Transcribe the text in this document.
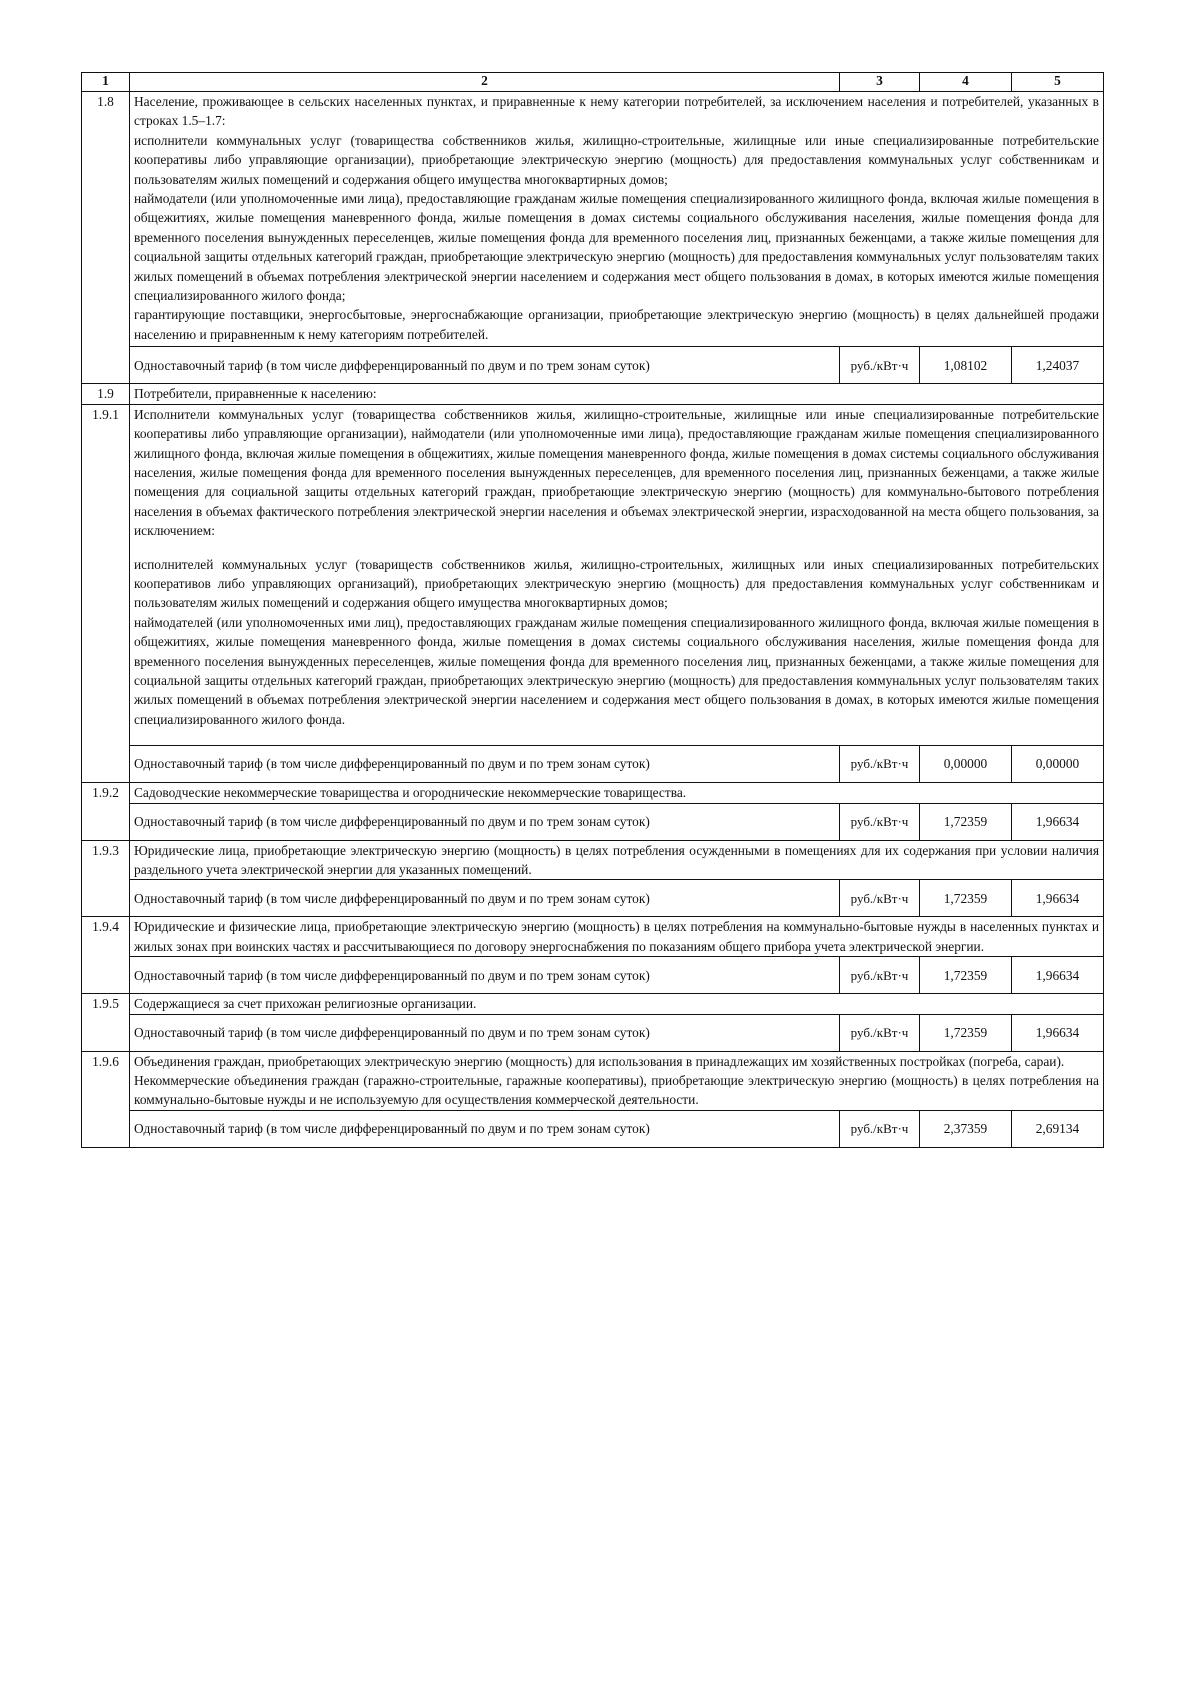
1	2	3	4	5
1.8	Население, проживающее в сельских населенных пунктах, и приравненные к нему категории потребителей, за исключением населения и потребителей, указанных в строках 1.5–1.7:

исполнители коммунальных услуг (товарищества собственников жилья, жилищно-строительные, жилищные или иные специализированные потребительские кооперативы либо управляющие организации), приобретающие электрическую энергию (мощность) для предоставления коммунальных услуг собственникам и пользователям жилых помещений и содержания общего имущества многоквартирных домов;

наймодатели (или уполномоченные ими лица), предоставляющие гражданам жилые помещения специализированного жилищного фонда, включая жилые помещения в общежитиях, жилые помещения маневренного фонда, жилые помещения в домах системы социального обслуживания населения, жилые помещения фонда для временного поселения вынужденных переселенцев, жилые помещения фонда для временного поселения лиц, признанных беженцами, а также жилые помещения для социальной защиты отдельных категорий граждан, приобретающие электрическую энергию (мощность) для предоставления коммунальных услуг пользователям таких жилых помещений в объемах потребления электрической энергии населением и содержания мест общего пользования в домах, в которых имеются жилые помещения специализированного жилого фонда;

гарантирующие поставщики, энергосбытовые, энергоснабжающие организации, приобретающие электрическую энергию (мощность) в целях дальнейшей продажи населению и приравненным к нему категориям потребителей.			

	Одноставочный тариф (в том числе дифференцированный по двум и по трем зонам суток)	руб./кВт·ч	1,08102	1,24037
1.9	Потребители, приравненные к населению:			

1.9.1	Исполнители коммунальных услуг (товарищества собственников жилья, жилищно-строительные, жилищные или иные специализированные потребительские кооперативы либо управляющие организации), наймодатели (или уполномоченные ими лица), предоставляющие гражданам жилые помещения специализированного жилищного фонда, включая жилые помещения в общежитиях, жилые помещения маневренного фонда, жилые помещения в домах системы социального обслуживания населения, жилые помещения фонда для временного поселения вынужденных переселенцев, для временного поселения лиц, признанных беженцами, а также жилые помещения для социальной защиты отдельных категорий граждан, приобретающие электрическую энергию (мощность) для коммунально-бытового потребления населения в объемах фактического потребления электрической энергии населения и объемах электрической энергии, израсходованной на места общего пользования, за исключением:

исполнителей коммунальных услуг (товариществ собственников жилья, жилищно-строительных, жилищных или иных специализированных потребительских кооперативов либо управляющих организаций), приобретающих электрическую энергию (мощность) для предоставления коммунальных услуг собственникам и пользователям жилых помещений и содержания общего имущества многоквартирных домов;

наймодателей (или уполномоченных ими лиц), предоставляющих гражданам жилые помещения специализированного жилищного фонда, включая жилые помещения в общежитиях, жилые помещения маневренного фонда, жилые помещения в домах системы социального обслуживания населения, жилые помещения фонда для временного поселения вынужденных переселенцев, жилые помещения фонда для временного поселения лиц, признанных беженцами, а также жилые помещения для социальной защиты отдельных категорий граждан, приобретающих электрическую энергию (мощность) для предоставления коммунальных услуг пользователям таких жилых помещений в объемах потребления электрической энергии населением и содержания мест общего пользования в домах, в которых имеются жилые помещения специализированного жилого фонда.			

	Одноставочный тариф (в том числе дифференцированный по двум и по трем зонам суток)	руб./кВт·ч	0,00000	0,00000
1.9.2	Садоводческие некоммерческие товарищества и огороднические некоммерческие товарищества.			

	Одноставочный тариф (в том числе дифференцированный по двум и по трем зонам суток)	руб./кВт·ч	1,72359	1,96634
1.9.3	Юридические лица, приобретающие электрическую энергию (мощность) в целях потребления осужденными в помещениях для их содержания при условии наличия раздельного учета электрической энергии для указанных помещений.			

	Одноставочный тариф (в том числе дифференцированный по двум и по трем зонам суток)	руб./кВт·ч	1,72359	1,96634
1.9.4	Юридические и физические лица, приобретающие электрическую энергию (мощность) в целях потребления на коммунально-бытовые нужды в населенных пунктах и жилых зонах при воинских частях и рассчитывающиеся по договору энергоснабжения по показаниям общего прибора учета электрической энергии.			

	Одноставочный тариф (в том числе дифференцированный по двум и по трем зонам суток)	руб./кВт·ч	1,72359	1,96634
1.9.5	Содержащиеся за счет прихожан религиозные организации.			

	Одноставочный тариф (в том числе дифференцированный по двум и по трем зонам суток)	руб./кВт·ч	1,72359	1,96634
1.9.6	Объединения граждан, приобретающих электрическую энергию (мощность) для использования в принадлежащих им хозяйственных постройках (погреба, сараи).

Некоммерческие объединения граждан (гаражно-строительные, гаражные кооперативы), приобретающие электрическую энергию (мощность) в целях потребления на коммунально-бытовые нужды и не используемую для осуществления коммерческой деятельности.			

	Одноставочный тариф (в том числе дифференцированный по двум и по трем зонам суток)	руб./кВт·ч	2,37359	2,69134
